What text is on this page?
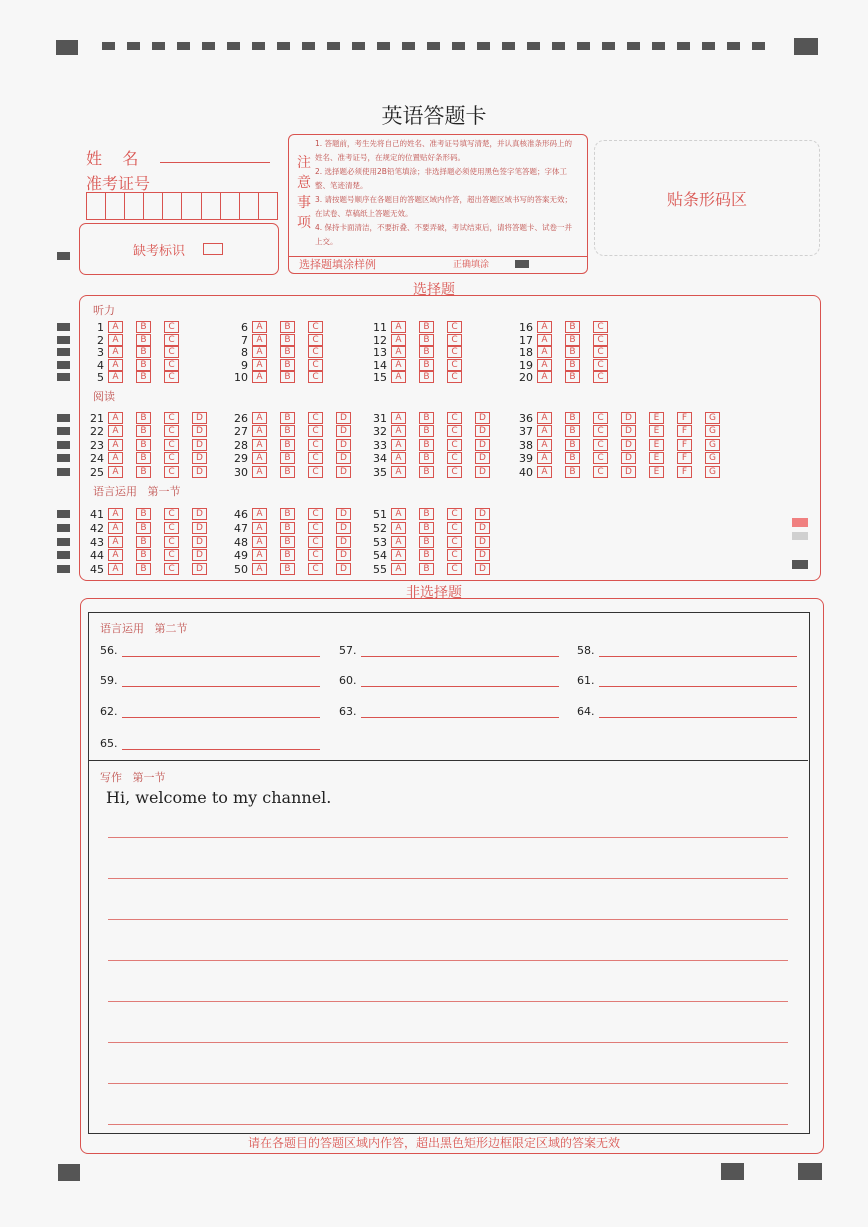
英语答题卡
姓    名
准考证号
缺考标识
注
意
事
项
1. 答题前，考生先将自己的姓名、准考证号填写清楚，并认真核准条形码上的姓名、准考证号，在规定的位置贴好条形码。
2. 选择题必须使用2B铅笔填涂；非选择题必须使用黑色签字笔答题；字体工整、笔迹清楚。
3. 请按题号顺序在各题目的答题区域内作答，超出答题区域书写的答案无效；在试卷、草稿纸上答题无效。
4. 保持卡面清洁，不要折叠、不要弄破，考试结束后，请将答题卡、试卷一并上交。
选择题填涂样例	正确填涂
贴条形码区
选择题
听力
阅读
语言运用   第一节
1 A	B	C
2 A	B	C
3 A	B	C
4 A	B	C
5 A	B	C
6 A	B	C
7 A	B	C
8 A	B	C
9 A	B	C
10 A	B	C
11 A	B	C
12 A	B	C
13 A	B	C
14 A	B	C
15 A	B	C
16 A	B	C
17 A	B	C
18 A	B	C
19 A	B	C
20 A	B	C
21 A	B	C	D
22 A	B	C	D
23 A	B	C	D
24 A	B	C	D
25 A	B	C	D
26 A	B	C	D
27 A	B	C	D
28 A	B	C	D
29 A	B	C	D
30 A	B	C	D
31 A	B	C	D
32 A	B	C	D
33 A	B	C	D
34 A	B	C	D
35 A	B	C	D
36 A	B	C	D	E	F	G
37 A	B	C	D	E	F	G
38 A	B	C	D	E	F	G
39 A	B	C	D	E	F	G
40 A	B	C	D	E	F	G
41 A	B	C	D
42 A	B	C	D
43 A	B	C	D
44 A	B	C	D
45 A	B	C	D
46 A	B	C	D
47 A	B	C	D
48 A	B	C	D
49 A	B	C	D
50 A	B	C	D
51 A	B	C	D
52 A	B	C	D
53 A	B	C	D
54 A	B	C	D
55 A	B	C	D
非选择题
语言运用   第二节
56.	57.	58.
59.	60.	61.
62.	63.	64.
65.
写作   第一节
Hi, welcome to my channel.
请在各题目的答题区域内作答，超出黑色矩形边框限定区域的答案无效
